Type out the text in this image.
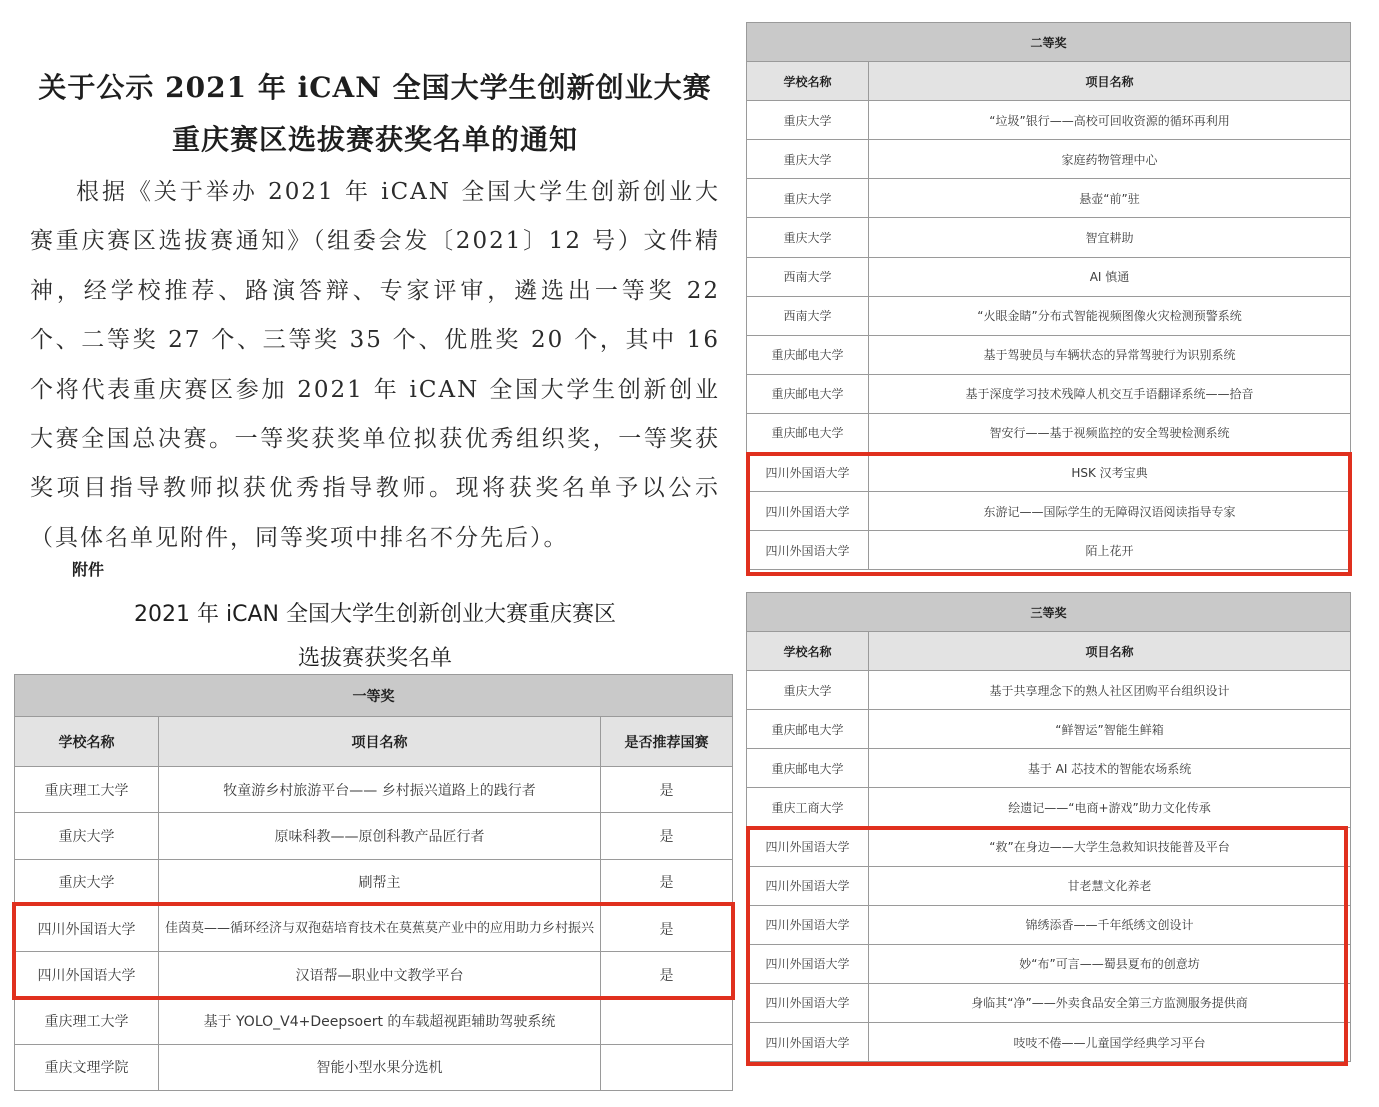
关于公示 2021 年 iCAN 全国大学生创新创业大赛
重庆赛区选拔赛获奖名单的通知
根据《关于举办 2021 年 iCAN 全国大学生创新创业大赛重庆赛区选拔赛通知》（组委会发〔2021〕12 号）文件精神，经学校推荐、路演答辩、专家评审，遴选出一等奖 22 个、二等奖 27 个、三等奖 35 个、优胜奖 20 个，其中 16 个将代表重庆赛区参加 2021 年 iCAN 全国大学生创新创业大赛全国总决赛。一等奖获奖单位拟获优秀组织奖，一等奖获奖项目指导教师拟获优秀指导教师。现将获奖名单予以公示（具体名单见附件，同等奖项中排名不分先后）。
附件
2021 年 iCAN 全国大学生创新创业大赛重庆赛区
选拔赛获奖名单
一等奖		
学校名称	项目名称	是否推荐国赛
重庆理工大学	牧童游乡村旅游平台—— 乡村振兴道路上的践行者	是
重庆大学	原味科教——原创科教产品匠行者	是
重庆大学	刷帮主	是
四川外国语大学	佳茵莫——循环经济与双孢菇培育技术在莫蕉莫产业中的应用助力乡村振兴	是
四川外国语大学	汉语帮—职业中文教学平台	是
重庆理工大学	基于 YOLO_V4+Deepsoert 的车载超视距辅助驾驶系统	
重庆文理学院	智能小型水果分选机	
二等奖	
学校名称	项目名称
重庆大学	“垃圾”银行——高校可回收资源的循环再利用
重庆大学	家庭药物管理中心
重庆大学	悬壶“前”驻
重庆大学	智宜耕助
西南大学	AI 慎通
西南大学	“火眼金睛”分布式智能视频图像火灾检测预警系统
重庆邮电大学	基于驾驶员与车辆状态的异常驾驶行为识别系统
重庆邮电大学	基于深度学习技术残障人机交互手语翻译系统——拾音
重庆邮电大学	智安行——基于视频监控的安全驾驶检测系统
四川外国语大学	HSK 汉考宝典
四川外国语大学	东游记——国际学生的无障碍汉语阅读指导专家
四川外国语大学	陌上花开
三等奖	
学校名称	项目名称
重庆大学	基于共享理念下的熟人社区团购平台组织设计
重庆邮电大学	“鲜智运”智能生鲜箱
重庆邮电大学	基于 AI 芯技术的智能农场系统
重庆工商大学	绘遗记——“电商+游戏”助力文化传承
四川外国语大学	“救”在身边——大学生急救知识技能普及平台
四川外国语大学	甘老慧文化养老
四川外国语大学	锦绣添香——千年纸绣文创设计
四川外国语大学	妙“布”可言——蜀县夏布的创意坊
四川外国语大学	身临其“净”——外卖食品安全第三方监测服务提供商
四川外国语大学	吱吱不倦——儿童国学经典学习平台
